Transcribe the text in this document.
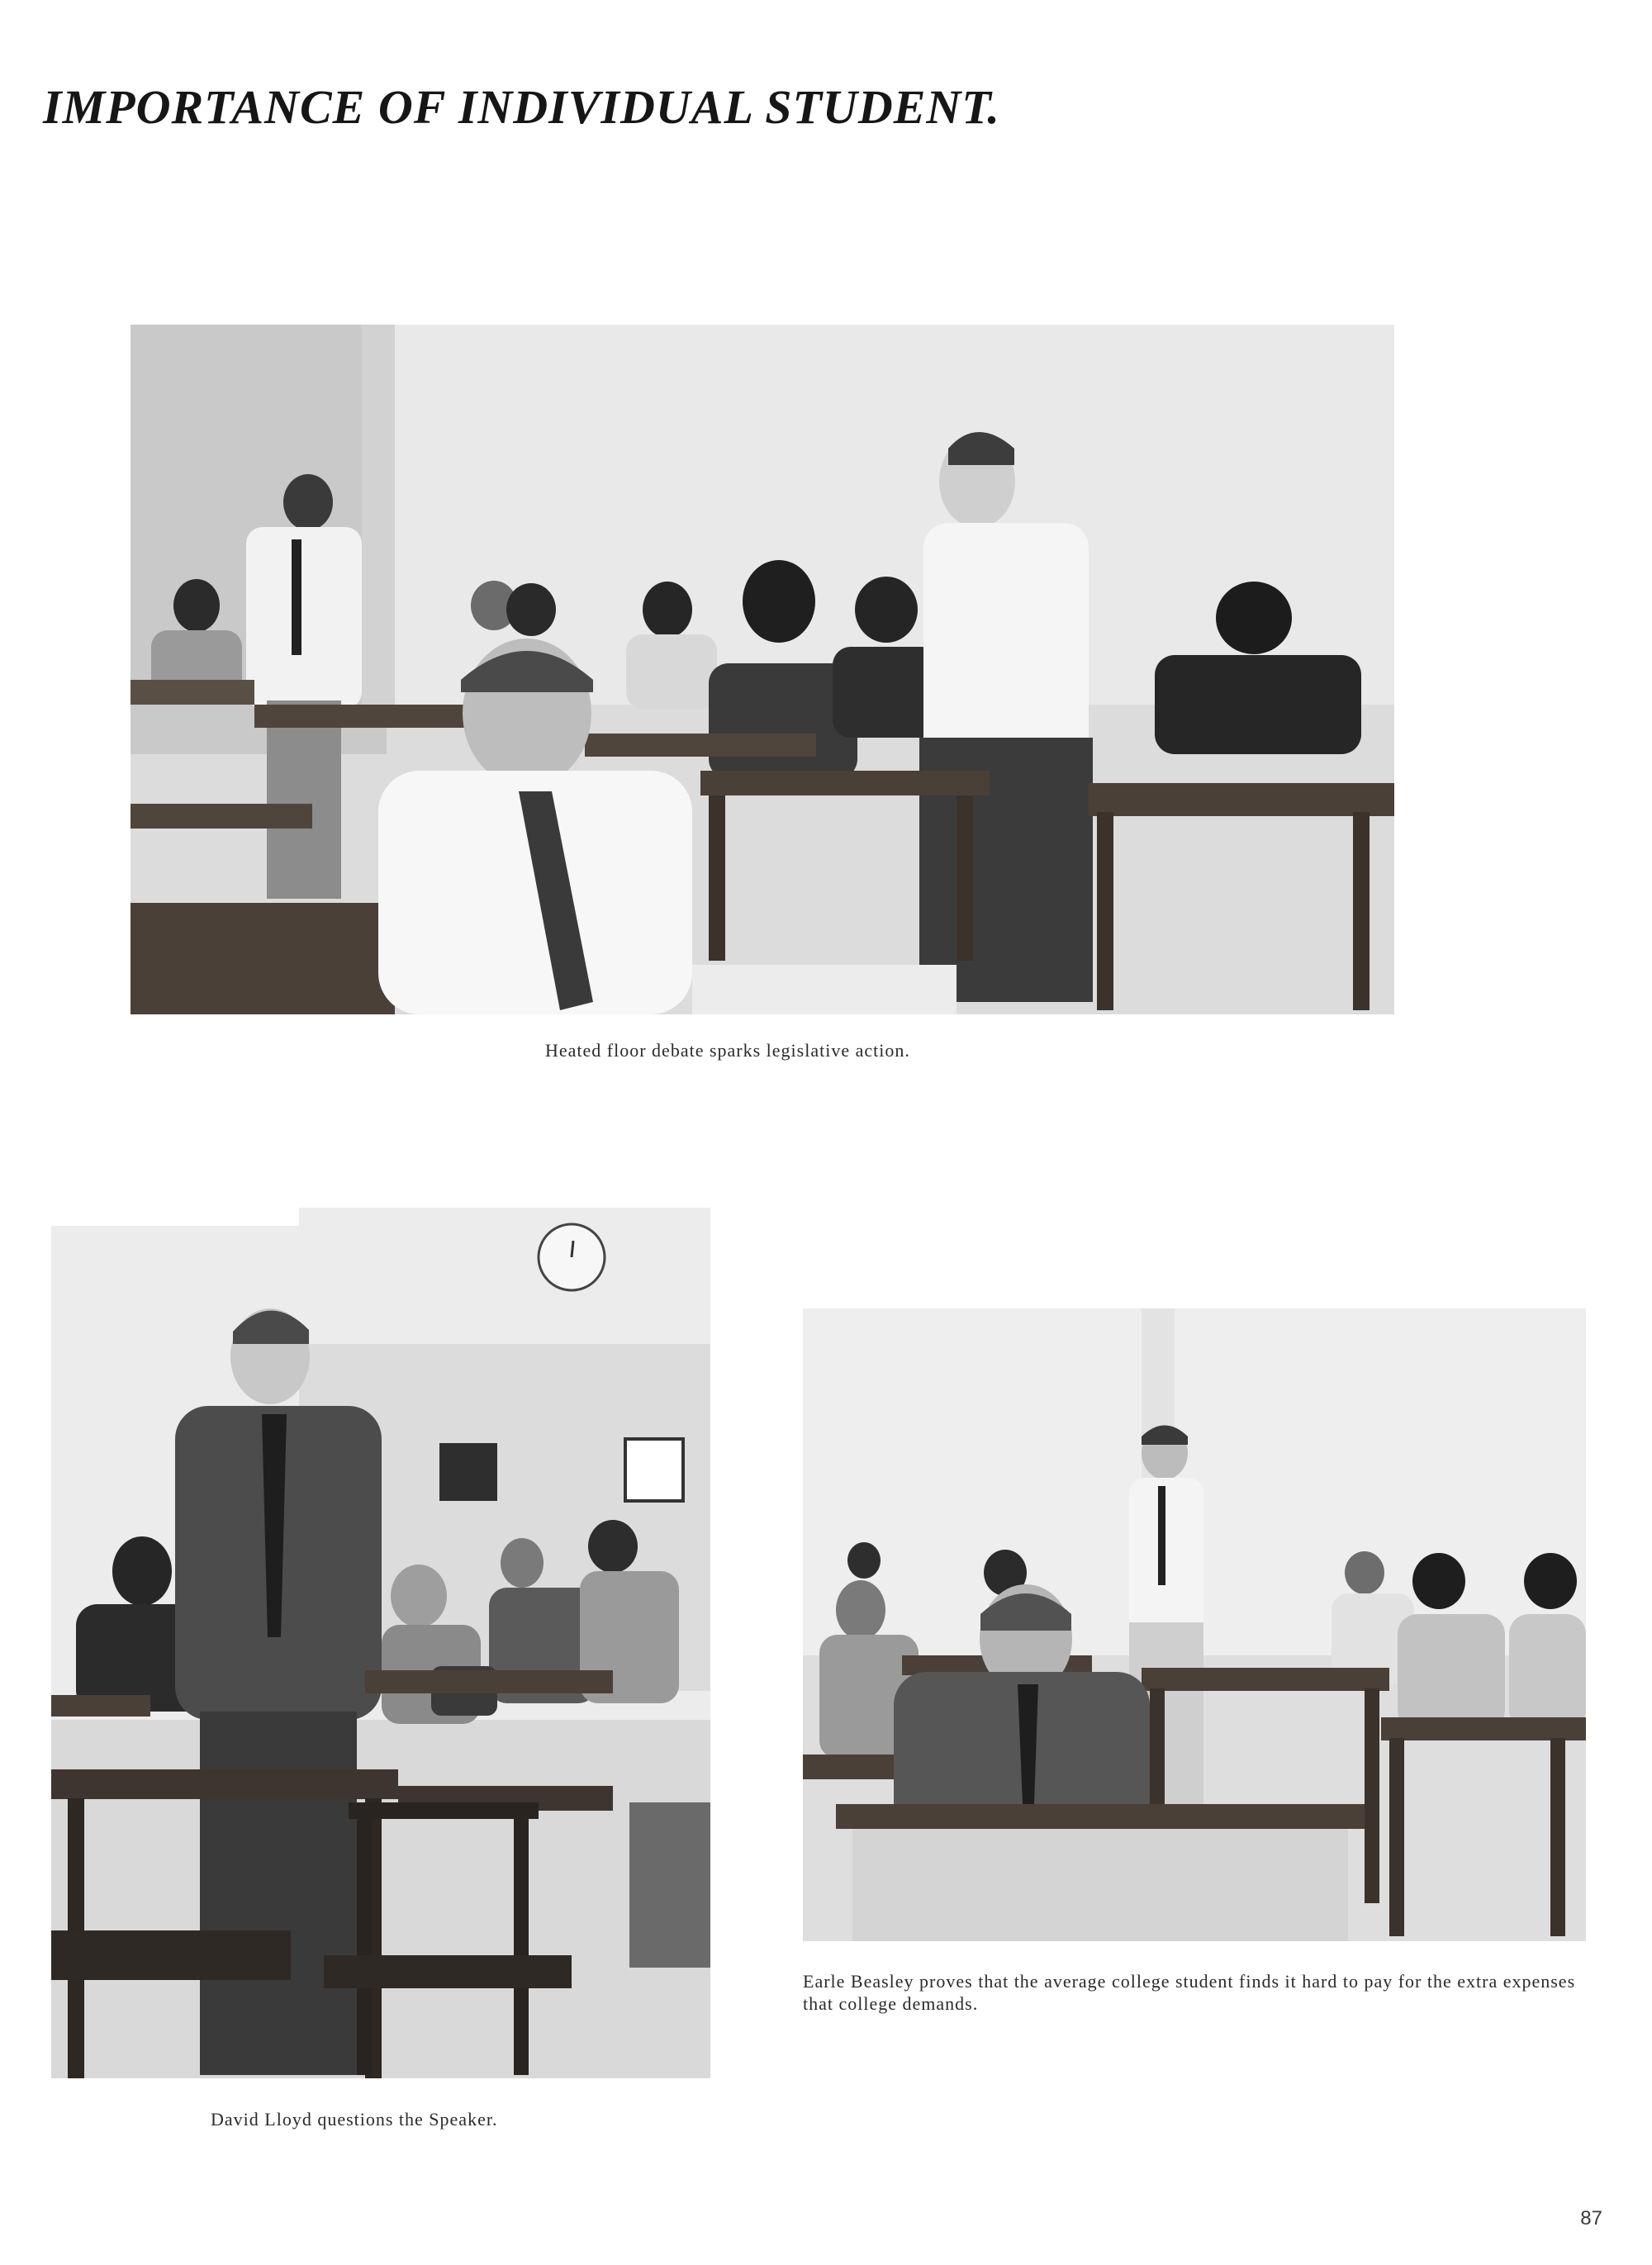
IMPORTANCE OF INDIVIDUAL STUDENT.
Heated floor debate sparks legislative action.
David Lloyd questions the Speaker.
Earle Beasley proves that the average college student finds it hard to pay for the extra expenses that college demands.
87
